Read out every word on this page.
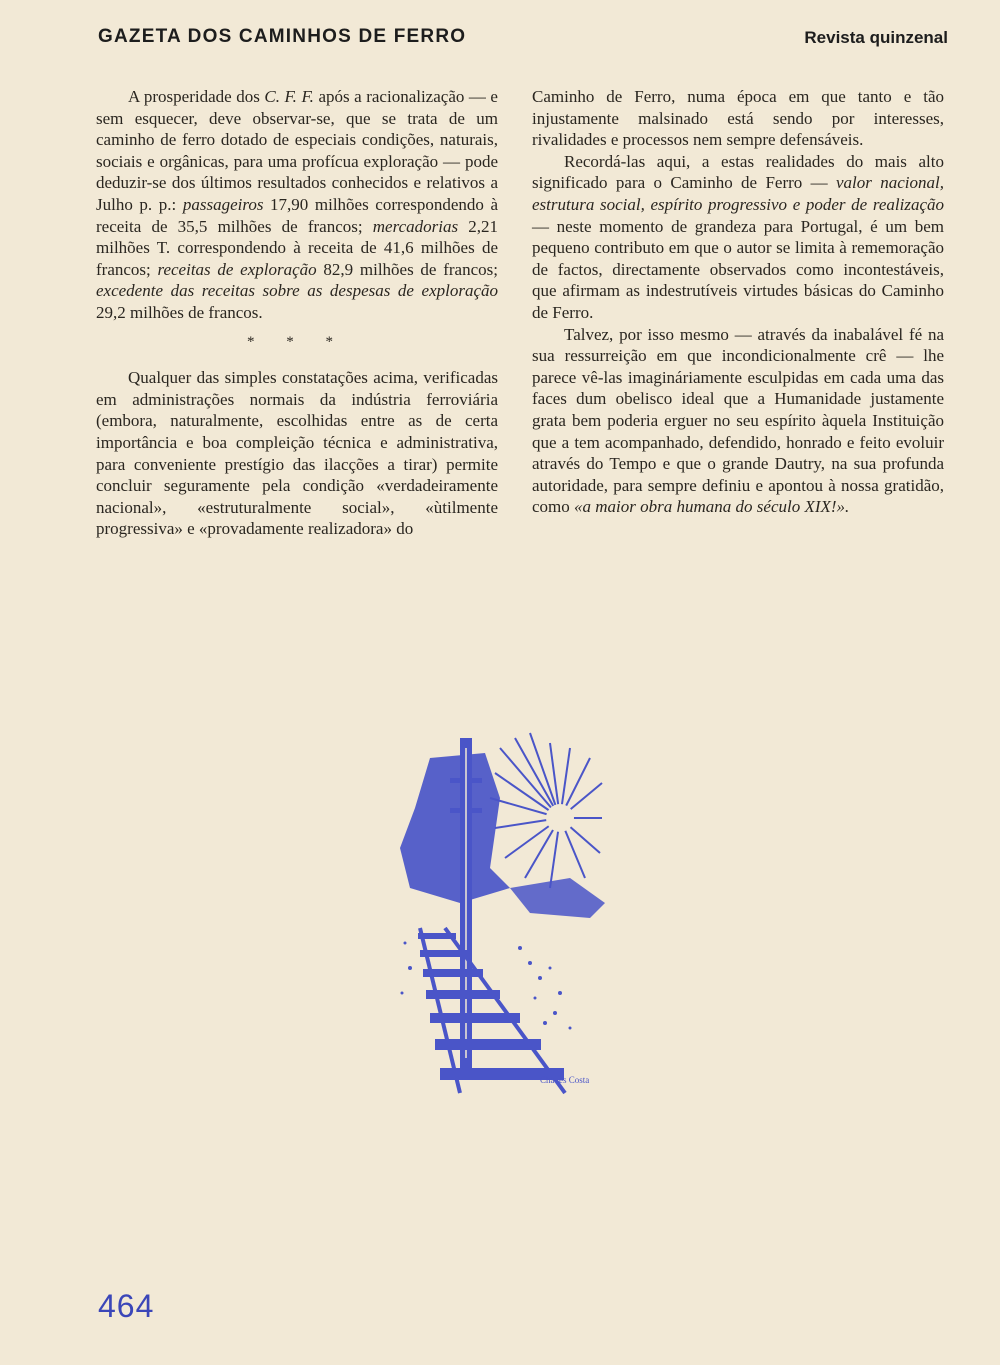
GAZETA DOS CAMINHOS DE FERRO	Revista quinzenal

A prosperidade dos C. F. F. após a racionalização — e sem esquecer, deve observar-se, que se trata de um caminho de ferro dotado de especiais condições, naturais, sociais e orgânicas, para uma profícua exploração — pode deduzir-se dos últimos resultados conhecidos e relativos a Julho p. p.: passageiros 17,90 milhões correspondendo à receita de 35,5 milhões de francos; mercadorias 2,21 milhões T. correspondendo à receita de 41,6 milhões de francos; receitas de exploração 82,9 milhões de francos; excedente das receitas sobre as despesas de exploração 29,2 milhões de francos.

* * *

Qualquer das simples constatações acima, verificadas em administrações normais da indústria ferroviária (embora, naturalmente, escolhidas entre as de certa importância e boa compleição técnica e administrativa, para conveniente prestígio das ilacções a tirar) permite concluir seguramente pela condição «verdadeiramente nacional», «estruturalmente social», «ùtilmente progressiva» e «provadamente realizadora» do

Caminho de Ferro, numa época em que tanto e tão injustamente malsinado está sendo por interesses, rivalidades e processos nem sempre defensáveis.

Recordá-las aqui, a estas realidades do mais alto significado para o Caminho de Ferro — valor nacional, estrutura social, espírito progressivo e poder de realização — neste momento de grandeza para Portugal, é um bem pequeno contributo em que o autor se limita à rememoração de factos, directamente observados como incontestáveis, que afirmam as indestrutíveis virtudes básicas do Caminho de Ferro.

Talvez, por isso mesmo — através da inabalável fé na sua ressurreição em que incondicionalmente crê — lhe parece vê-las imagináriamente esculpidas em cada uma das faces dum obelisco ideal que a Humanidade justamente grata bem poderia erguer no seu espírito àquela Instituição que a tem acompanhado, defendido, honrado e feito evoluir através do Tempo e que o grande Dautry, na sua profunda autoridade, para sempre definiu e apontou à nossa gratidão, como «a maior obra humana do século XIX!».

Chaves Costa
464
